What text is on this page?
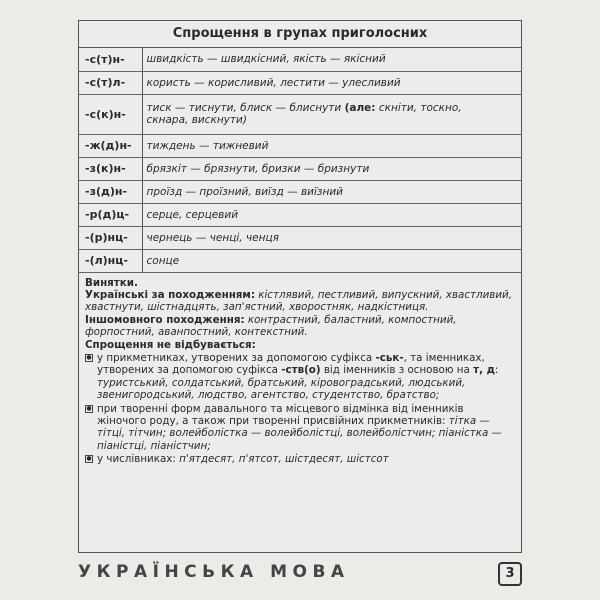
Спрощення в групах приголосних
-с(т)н-	швидкість — швидкісний, якість — якісний
-с(т)л-	користь — корисливий, лестити — улесливий
-с(к)н-	тиск — тиснути, блиск — блиснути (але: скніти, тоскно,
скнара, вискнути)
-ж(д)н-	тиждень — тижневий
-з(к)н-	брязкіт — брязнути, бризки — бризнути
-з(д)н-	проїзд — проїзний, виїзд — виїзний
-р(д)ц-	серце, серцевий
-(р)нц-	чернець — ченці, ченця
-(л)нц-	сонце
Винятки.
Українські за походженням: кістлявий, пестливий, випускний, хвастливий, хвастнути, шістнадцять, зап'ястний, хворостняк, надкістниця.
Іншомовного походження: контрастний, баластний, компостний, форпостний, аванпостний, контекстний.
Спрощення не відбувається:
● у прикметниках, утворених за допомогою суфікса -ськ-, та іменниках, утворених за допомогою суфікса -ств(о) від іменників з основою на т, д: туристський, солдатський, братський, кіровоградський, людський, звенигородський, людство, агентство, студентство, братство;
● при творенні форм давального та місцевого відмінка від іменників жіночого роду, а також при творенні присвійних прикметників: тітка — тітці, тітчин; волейболістка — волейболістці, волейболістчин; піаністка — піаністці, піаністчин;
● у числівниках: п'ятдесят, п'ятсот, шістдесят, шістсот
УКРАЇНСЬКА МОВА	3
